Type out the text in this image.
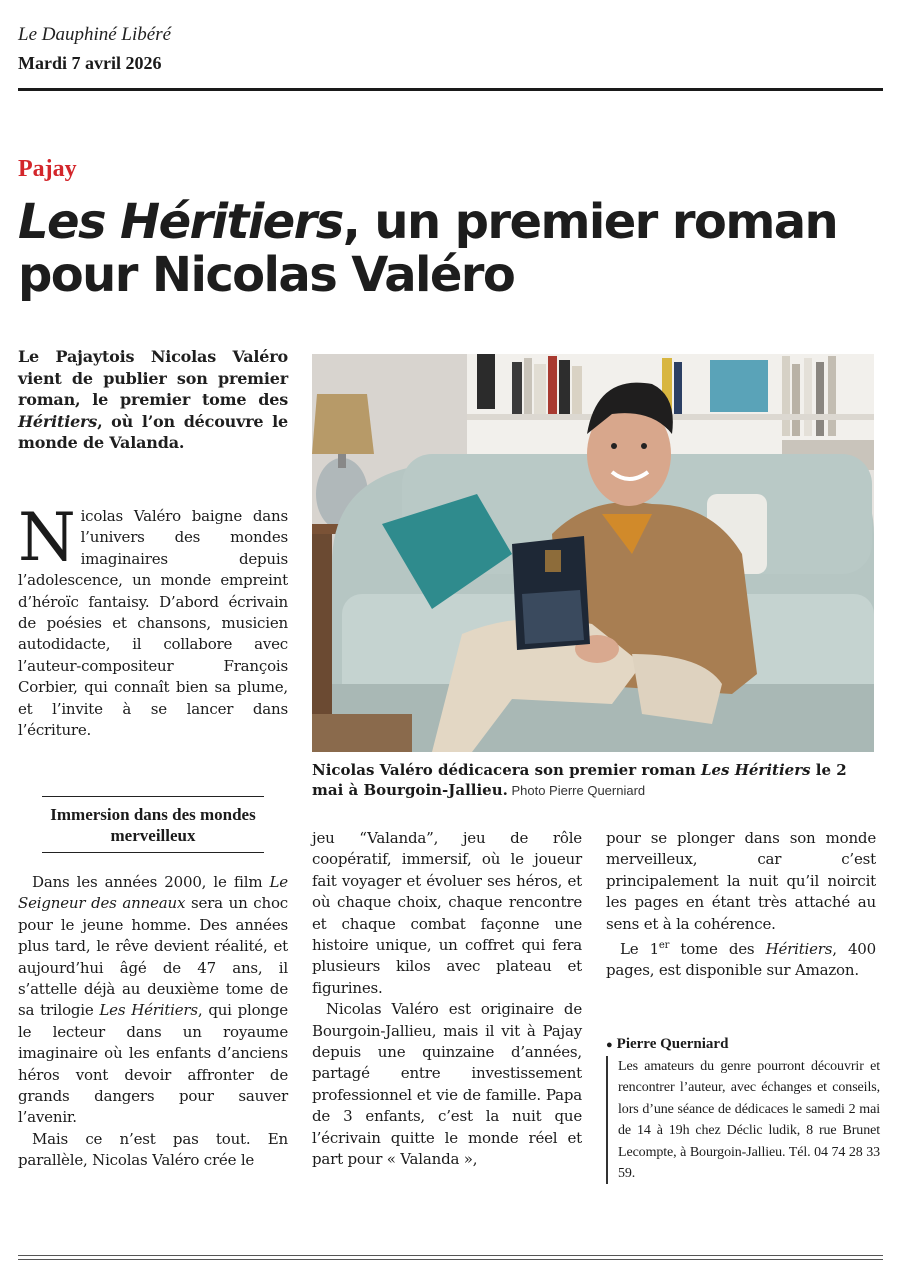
Le Dauphiné Libéré
Mardi 7 avril 2026
Pajay
Les Héritiers, un premier roman pour Nicolas Valéro

Le Pajaytois Nicolas Valéro vient de publier son premier roman, le premier tome des Héritiers, où l’on découvre le monde de Valanda.

Nicolas Valéro baigne dans l’univers des mondes imaginaires depuis l’adolescence, un monde empreint d’héroïc fantaisy. D’abord écrivain de poésies et chansons, musicien autodidacte, il collabore avec l’auteur-compositeur François Corbier, qui connaît bien sa plume, et l’invite à se lancer dans l’écriture.

Nicolas Valéro dédicacera son premier roman Les Héritiers le 2 mai à Bourgoin-Jallieu. Photo Pierre Querniard

Immersion dans des mondes merveilleux

Dans les années 2000, le film Le Seigneur des anneaux sera un choc pour le jeune homme. Des années plus tard, le rêve devient réalité, et aujourd’hui âgé de 47 ans, il s’attelle déjà au deuxième tome de sa trilogie Les Héritiers, qui plonge le lecteur dans un royaume imaginaire où les enfants d’anciens héros vont devoir affronter de grands dangers pour sauver l’avenir.

Mais ce n’est pas tout. En parallèle, Nicolas Valéro crée le

jeu “Valanda”, jeu de rôle coopératif, immersif, où le joueur fait voyager et évoluer ses héros, et où chaque choix, chaque rencontre et chaque combat façonne une histoire unique, un coffret qui fera plusieurs kilos avec plateau et figurines.

Nicolas Valéro est originaire de Bourgoin-Jallieu, mais il vit à Pajay depuis une quinzaine d’années, partagé entre investissement professionnel et vie de famille. Papa de 3 enfants, c’est la nuit que l’écrivain quitte le monde réel et part pour « Valanda »,

pour se plonger dans son monde merveilleux, car c’est principalement la nuit qu’il noircit les pages en étant très attaché au sens et à la cohérence.

Le 1er tome des Héritiers, 400 pages, est disponible sur Amazon.

● Pierre Querniard
Les amateurs du genre pourront découvrir et rencontrer l’auteur, avec échanges et conseils, lors d’une séance de dédicaces le samedi 2 mai de 14 à 19h chez Déclic ludik, 8 rue Brunet Lecompte, à Bourgoin-Jallieu. Tél. 04 74 28 33 59.
